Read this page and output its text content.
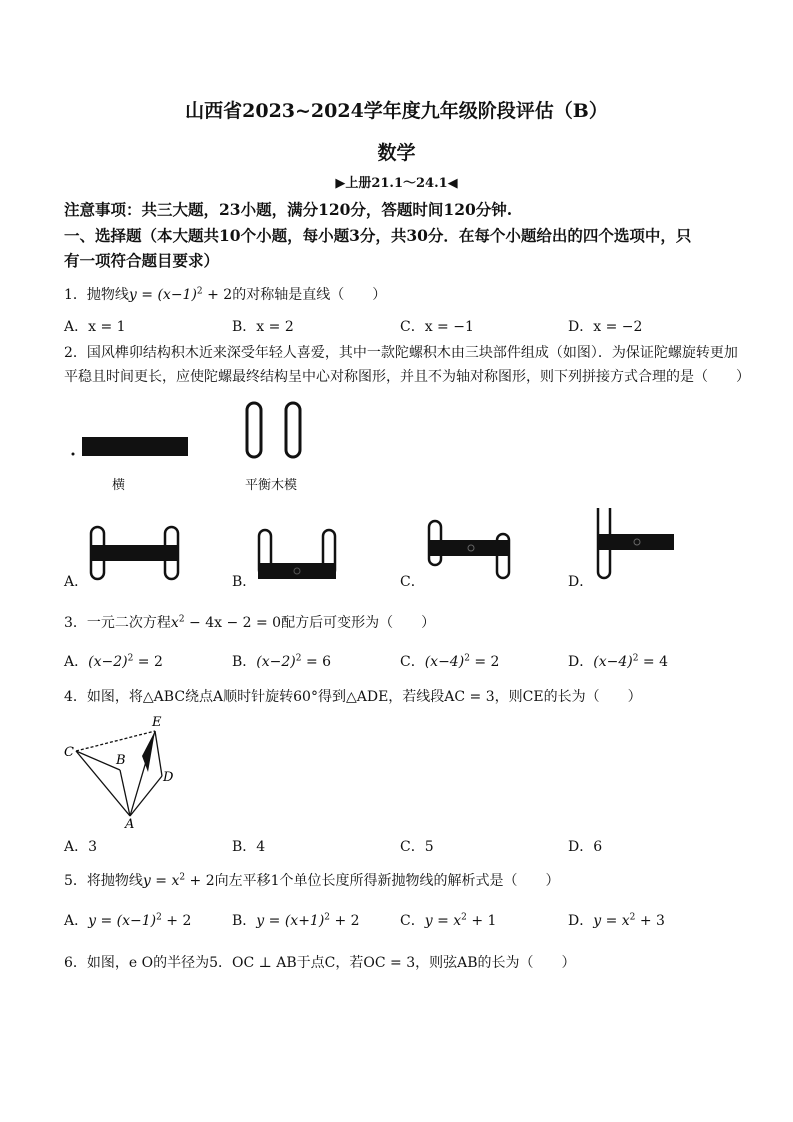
山西省2023~2024学年度九年级阶段评估（B）
数学
▶上册21.1～24.1◀
注意事项：共三大题，23小题，满分120分，答题时间120分钟.
一、选择题（本大题共10个小题，每小题3分，共30分．在每个小题给出的四个选项中，只
有一项符合题目要求）
1．抛物线$y = (x-1)^2 + 2$的对称轴是直线（　　）
A．x = 1	B．x = 2	C．x = −1	D．x = −2
2．国风榫卯结构积木近来深受年轻人喜爱，其中一款陀螺积木由三块部件组成（如图）．为保证陀螺旋转更加
平稳且时间更长，应使陀螺最终结构呈中心对称图形，并且不为轴对称图形，则下列拼接方式合理的是（　　）
横	平衡木模
A．	B．	C．	D．
3．一元二次方程$x^2 - 4x - 2 = 0$配方后可变形为（　　）
A．$(x-2)^2 = 2$	B．$(x-2)^2 = 6$	C．$(x-4)^2 = 2$	D．$(x-4)^2 = 4$
4．如图，将△ABC绕点A顺时针旋转60°得到△ADE，若线段AC = 3，则CE的长为（　　）
C
B
E
D
A
A．3	B．4	C．5	D．6
5．将抛物线$y = x^2 + 2$向左平移1个单位长度所得新抛物线的解析式是（　　）
A．$y = (x-1)^2 + 2$	B．$y = (x+1)^2 + 2$	C．$y = x^2 + 1$	D．$y = x^2 + 3$
6．如图，e O的半径为5．OC ⊥ AB于点C，若OC = 3，则弦AB的长为（　　）
